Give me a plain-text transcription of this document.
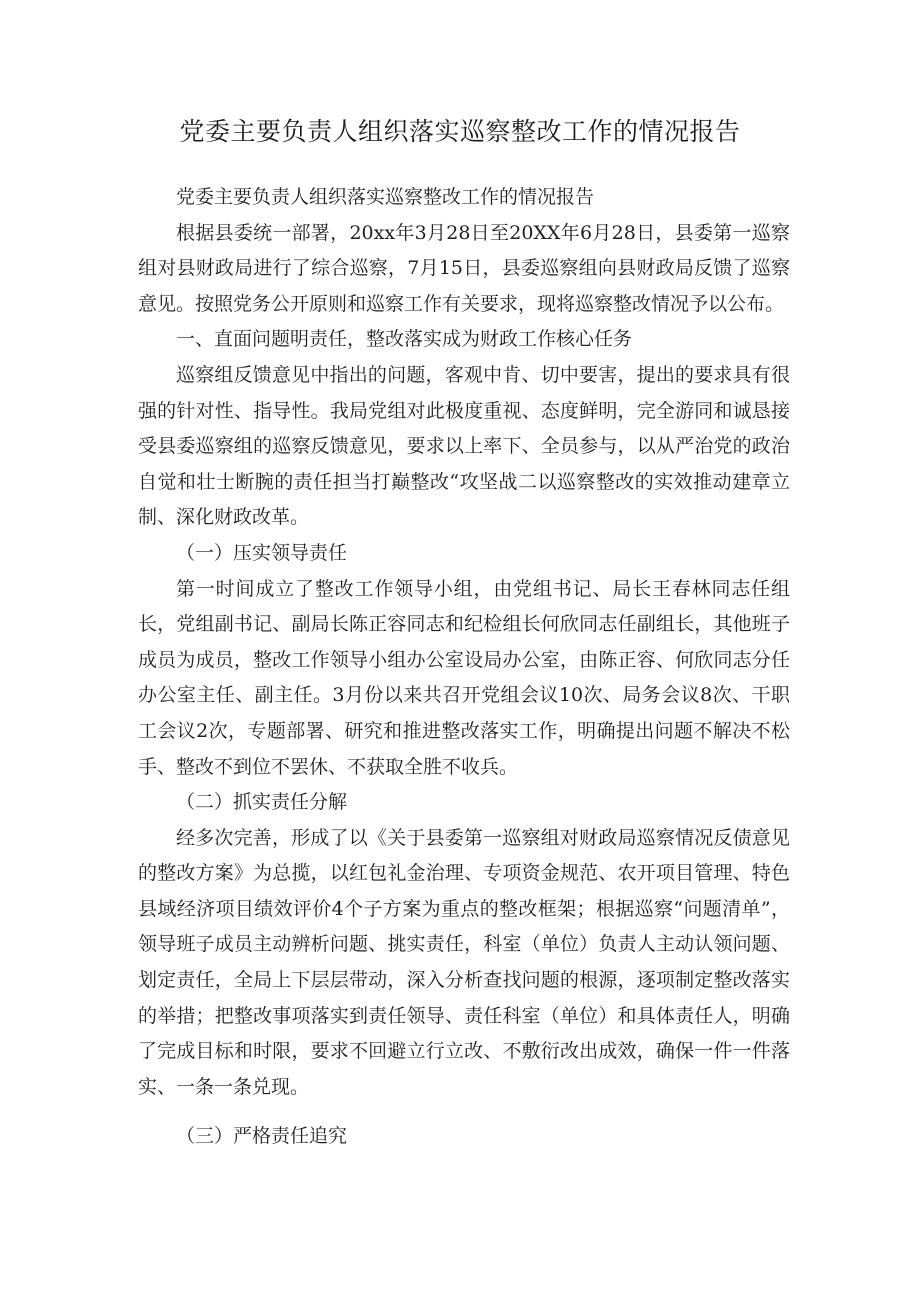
党委主要负责人组织落实巡察整改工作的情况报告

党委主要负责人组织落实巡察整改工作的情况报告

根据县委统一部署，20xx年3月28日至20XX年6月28日，县委第一巡察组对县财政局进行了综合巡察，7月15日，县委巡察组向县财政局反馈了巡察意见。按照党务公开原则和巡察工作有关要求，现将巡察整改情况予以公布。

一、直面问题明责任，整改落实成为财政工作核心任务

巡察组反馈意见中指出的问题，客观中肯、切中要害，提出的要求具有很强的针对性、指导性。我局党组对此极度重视、态度鲜明，完全游同和诚恳接受县委巡察组的巡察反馈意见，要求以上率下、全员参与，以从严治党的政治自觉和壮士断腕的责任担当打巅整改“攻坚战二以巡察整改的实效推动建章立制、深化财政改革。

（一）压实领导责任

第一时间成立了整改工作领导小组，由党组书记、局长王春林同志任组长，党组副书记、副局长陈正容同志和纪检组长何欣同志任副组长，其他班子成员为成员，整改工作领导小组办公室设局办公室，由陈正容、何欣同志分任办公室主任、副主任。3月份以来共召开党组会议10次、局务会议8次、干职工会议2次，专题部署、研究和推进整改落实工作，明确提出问题不解决不松手、整改不到位不罢休、不获取全胜不收兵。

（二）抓实责任分解

经多次完善，形成了以《关于县委第一巡察组对财政局巡察情况反债意见的整改方案》为总揽，以红包礼金治理、专项资金规范、农开项目管理、特色县域经济项目绩效评价4个子方案为重点的整改框架；根据巡察“问题清单”，领导班子成员主动辨析问题、挑实责任，科室（单位）负责人主动认领问题、划定责任，全局上下层层带动，深入分析查找问题的根源，逐项制定整改落实的举措；把整改事项落实到责任领导、责任科室（单位）和具体责任人，明确了完成目标和时限，要求不回避立行立改、不敷衍改出成效，确保一件一件落实、一条一条兑现。

（三）严格责任追究
